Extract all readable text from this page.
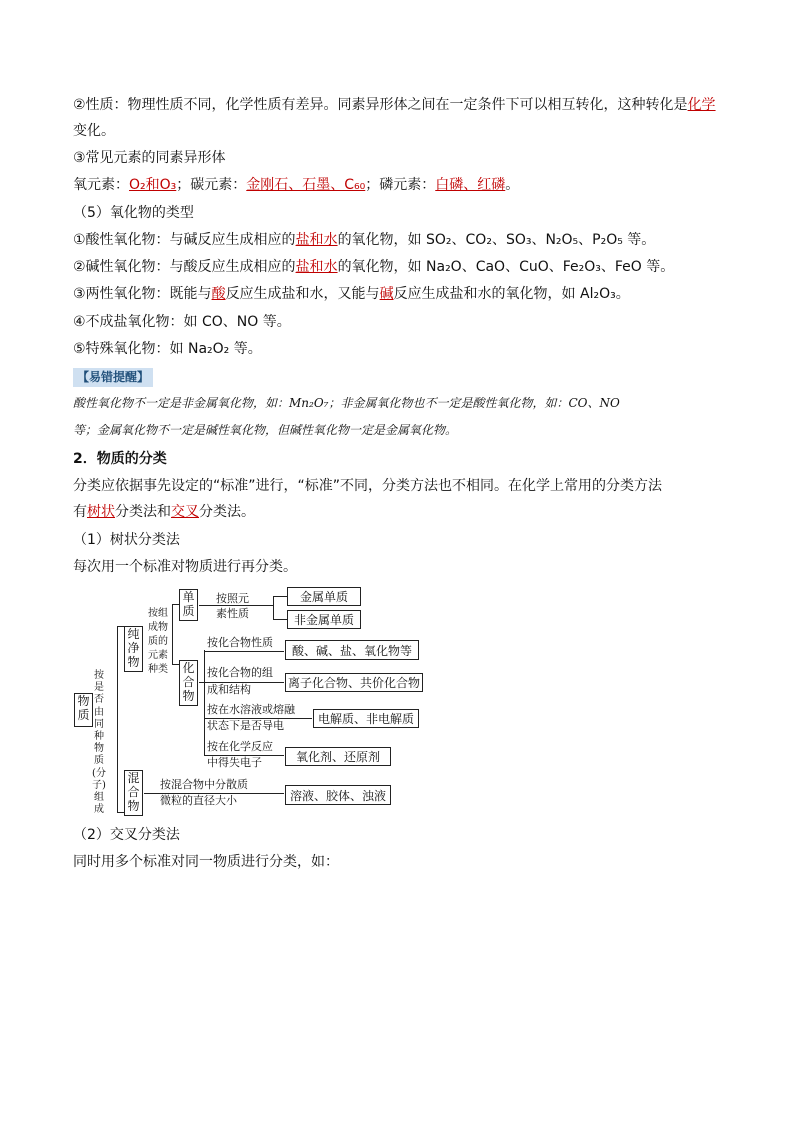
②性质：物理性质不同，化学性质有差异。同素异形体之间在一定条件下可以相互转化，这种转化是化学
变化。
③常见元素的同素异形体
氧元素：O₂和O₃；碳元素：金刚石、石墨、C₆₀；磷元素：白磷、红磷。
（5）氧化物的类型
①酸性氧化物：与碱反应生成相应的盐和水的氧化物，如 SO₂、CO₂、SO₃、N₂O₅、P₂O₅ 等。
②碱性氧化物：与酸反应生成相应的盐和水的氧化物，如 Na₂O、CaO、CuO、Fe₂O₃、FeO 等。
③两性氧化物：既能与酸反应生成盐和水，又能与碱反应生成盐和水的氧化物，如 Al₂O₃。
④不成盐氧化物：如 CO、NO 等。
⑤特殊氧化物：如 Na₂O₂ 等。
【易错提醒】
酸性氧化物不一定是非金属氧化物，如：Mn₂O₇；非金属氧化物也不一定是酸性氧化物，如：CO、NO
等；金属氧化物不一定是碱性氧化物，但碱性氧化物一定是金属氧化物。
2．物质的分类
分类应依据事先设定的“标准”进行，“标准”不同，分类方法也不相同。在化学上常用的分类方法
有树状分类法和交叉分类法。
（1）树状分类法
每次用一个标准对物质进行再分类。
物质
按是否由同种物质(分子)组成
纯净物
混合物
按组成物质的元素种类
单质
化合物
按照元
素性质
金属单质
非金属单质
按化合物性质
酸、碱、盐、氧化物等
按化合物的组
成和结构	离子化合物、共价化合物
按在水溶液或熔融
状态下是否导电	电解质、非电解质
按在化学反应
中得失电子	氧化剂、还原剂
按混合物中分散质
微粒的直径大小	溶液、胶体、浊液
（2）交叉分类法
同时用多个标准对同一物质进行分类，如：
